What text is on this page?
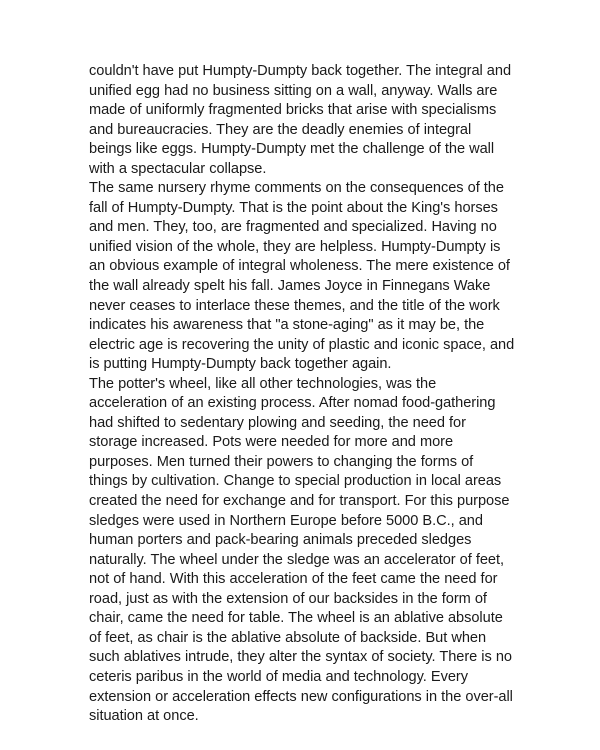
couldn't have put Humpty-Dumpty back together. The integral and unified egg had no business sitting on a wall, anyway. Walls are made of uniformly fragmented bricks that arise with specialisms and bureaucracies. They are the deadly enemies of integral beings like eggs. Humpty-Dumpty met the challenge of the wall with a spectacular collapse.

The same nursery rhyme comments on the consequences of the fall of Humpty-Dumpty. That is the point about the King's horses and men. They, too, are fragmented and specialized. Having no unified vision of the whole, they are helpless. Humpty-Dumpty is an obvious example of integral wholeness. The mere existence of the wall already spelt his fall. James Joyce in Finnegans Wake never ceases to interlace these themes, and the title of the work indicates his awareness that "a stone-aging" as it may be, the electric age is recovering the unity of plastic and iconic space, and is putting Humpty-Dumpty back together again.

The potter's wheel, like all other technologies, was the acceleration of an existing process. After nomad food-gathering had shifted to sedentary plowing and seeding, the need for storage increased. Pots were needed for more and more purposes. Men turned their powers to changing the forms of things by cultivation. Change to special production in local areas created the need for exchange and for transport. For this purpose sledges were used in Northern Europe before 5000 B.C., and human porters and pack-bearing animals preceded sledges naturally. The wheel under the sledge was an accelerator of feet, not of hand. With this acceleration of the feet came the need for road, just as with the extension of our backsides in the form of chair, came the need for table. The wheel is an ablative absolute of feet, as chair is the ablative absolute of backside. But when such ablatives intrude, they alter the syntax of society. There is no ceteris paribus in the world of media and technology. Every extension or acceleration effects new configurations in the over-all situation at once.
